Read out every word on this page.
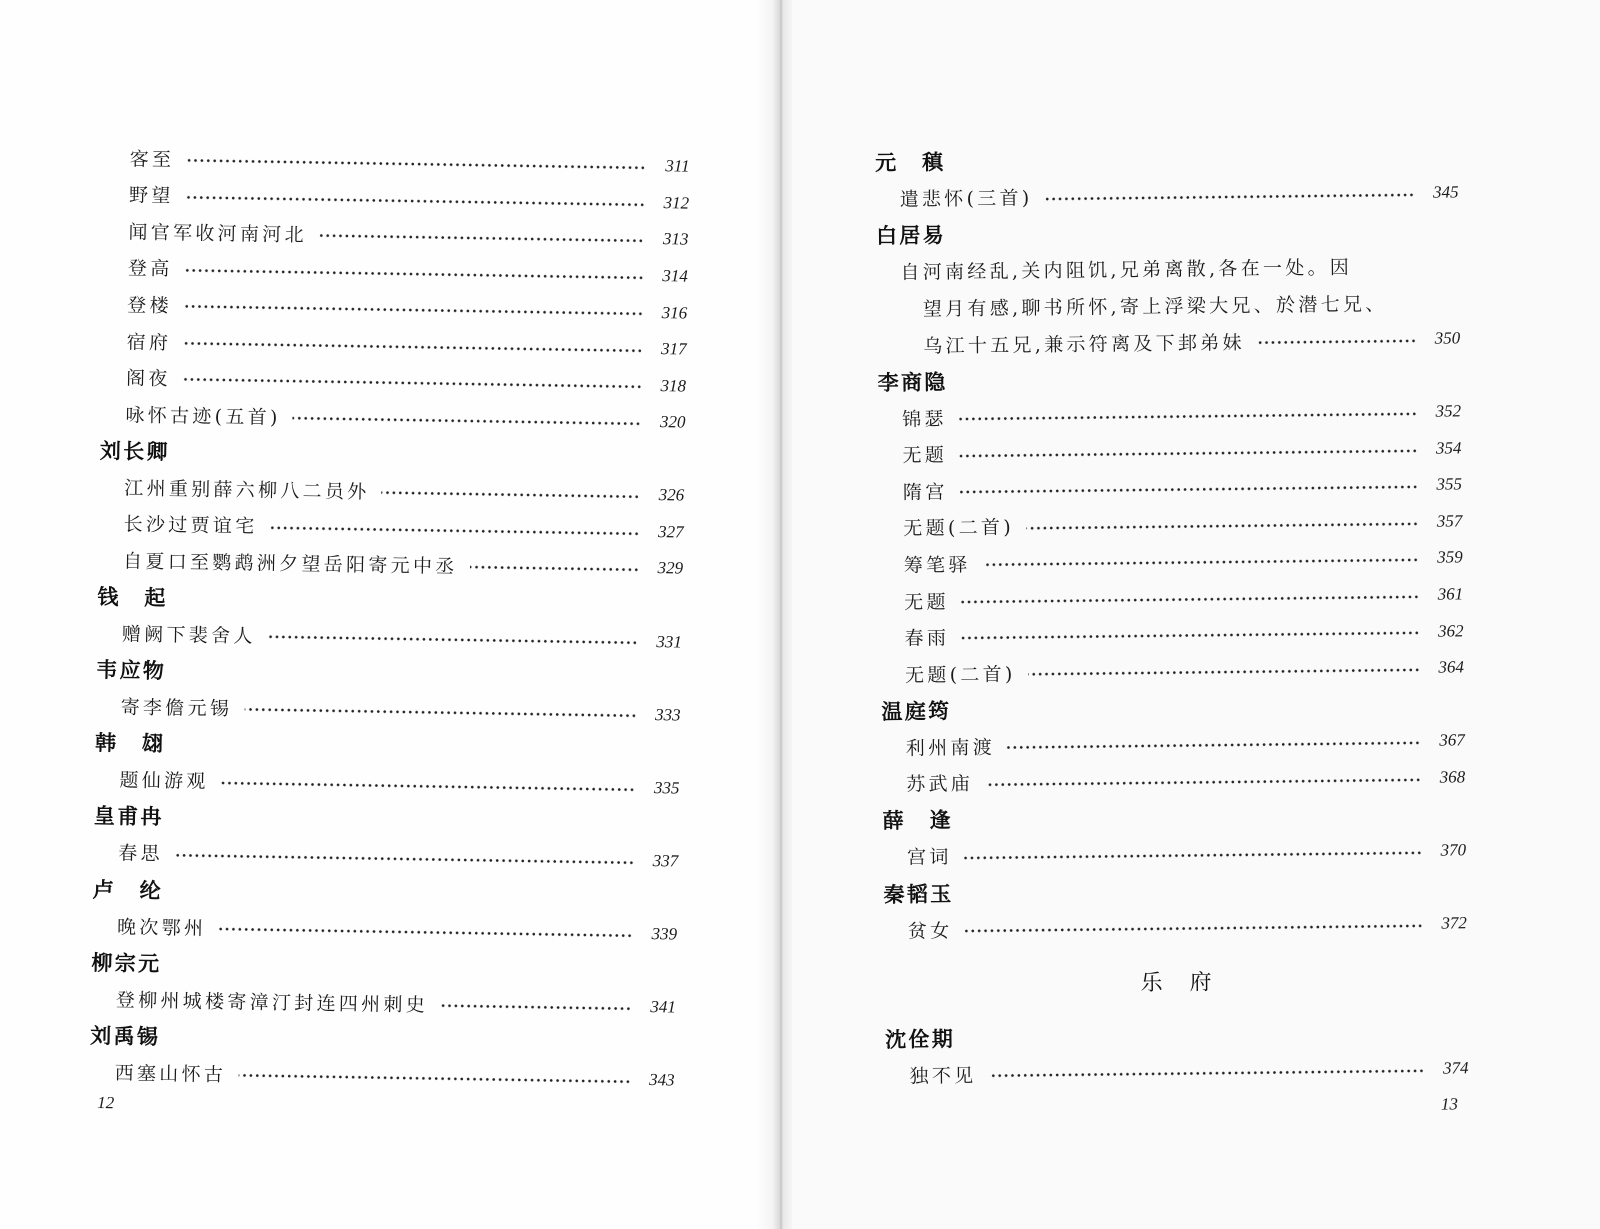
客至	311
野望	312
闻官军收河南河北	313
登高	314
登楼	316
宿府	317
阁夜	318
咏怀古迹(五首)	320
刘长卿
江州重别薛六柳八二员外	326
长沙过贾谊宅	327
自夏口至鹦鹉洲夕望岳阳寄元中丞	329
钱 起
赠阙下裴舍人	331
韦应物
寄李儋元锡	333
韩 翃
题仙游观	335
皇甫冉
春思	337
卢 纶
晚次鄂州	339
柳宗元
登柳州城楼寄漳汀封连四州刺史	341
刘禹锡
西塞山怀古	343
12
元 稹
遣悲怀(三首)	345
白居易
自河南经乱,关内阻饥,兄弟离散,各在一处。因
望月有感,聊书所怀,寄上浮梁大兄、於潜七兄、
乌江十五兄,兼示符离及下邽弟妹	350
李商隐
锦瑟	352
无题	354
隋宫	355
无题(二首)	357
筹笔驿	359
无题	361
春雨	362
无题(二首)	364
温庭筠
利州南渡	367
苏武庙	368
薛 逢
宫词	370
秦韬玉
贫女	372
乐 府
沈佺期
独不见	374
13
